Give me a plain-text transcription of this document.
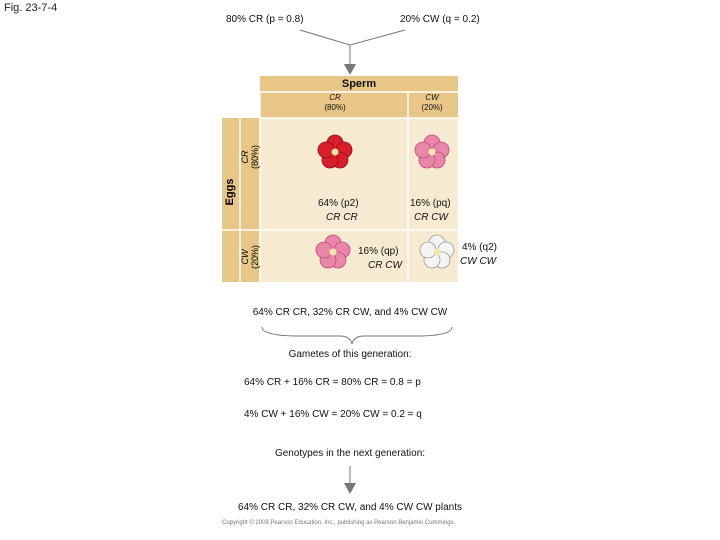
Eggs
CR (80%)
CW (20%)
Fig. 23-7-4
80% CR (p = 0.8)	20% CW (q = 0.2)
Sperm
CR
(80%)
CW
(20%)
64% (p2)
CR CR
16% (pq)
CR CW
16% (qp)
CR CW
4% (q2)
CW CW
64% CR CR, 32% CR CW, and 4% CW CW
Gametes of this generation:
64% CR + 16% CR = 80% CR = 0.8 = p
4% CW + 16% CW = 20% CW = 0.2 = q
Genotypes in the next generation:
64% CR CR, 32% CR CW, and 4% CW CW plants
Copyright © 2008 Pearson Education, Inc., publishing as Pearson Benjamin Cummings.
